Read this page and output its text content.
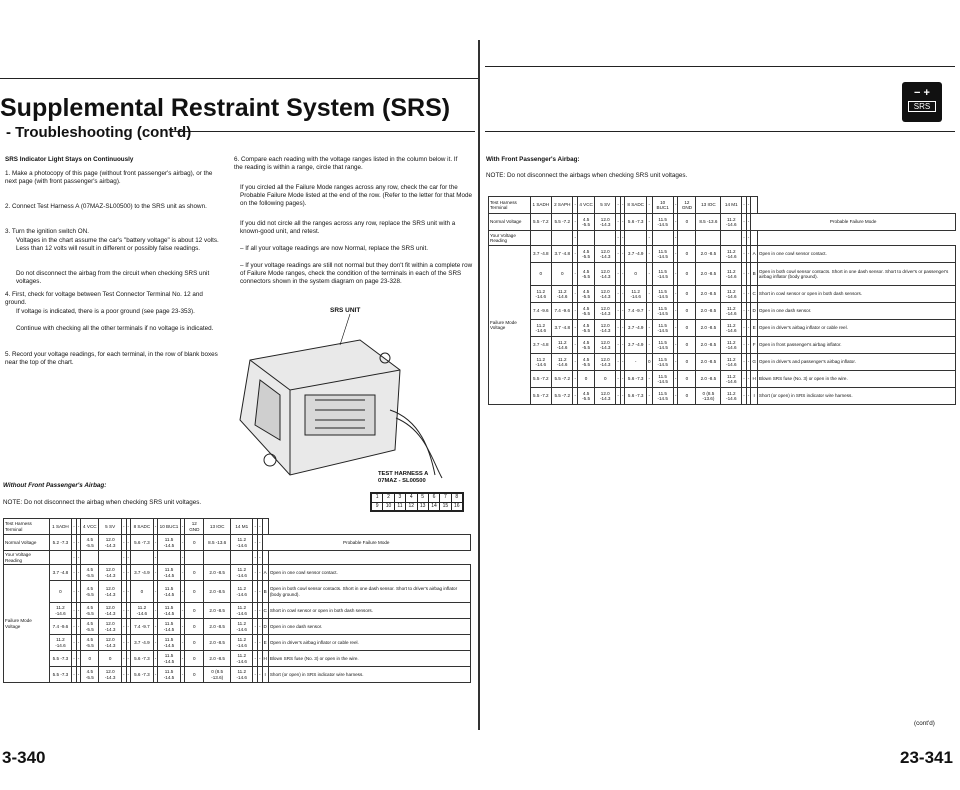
Supplemental Restraint System (SRS)
- Troubleshooting (cont'd)
SRS Indicator Light Stays on Continuously
1. Make a photocopy of this page (without front passenger's airbag), or the next page (with front passenger's airbag).
2. Connect Test Harness A (07MAZ-SL00500) to the SRS unit as shown.
3. Turn the ignition switch ON.
Voltages in the chart assume the car's "battery voltage" is about 12 volts. Less than 12 volts will result in different or possibly false readings.
Do not disconnect the airbag from the circuit when checking SRS unit voltages.
4. First, check for voltage between Test Connector Terminal No. 12 and ground.
If voltage is indicated, there is a poor ground (see page 23-353).
Continue with checking all the other terminals if no voltage is indicated.
5. Record your voltage readings, for each terminal, in the row of blank boxes near the top of the chart.
6. Compare each reading with the voltage ranges listed in the column below it. If the reading is within a range, circle that range.
If you circled all the Failure Mode ranges across any row, check the car for the Probable Failure Mode listed at the end of the row. (Refer to the letter for that Mode on the following pages).
If you did not circle all the ranges across any row, replace the SRS unit with a known-good unit, and retest.
– If all your voltage readings are now Normal, replace the SRS unit.
– If your voltage readings are still not normal but they don't fit within a complete row of Failure Mode ranges, check the condition of the terminals in each of the SRS connectors shown in the system diagram on page 23-328.
SRS UNIT
TEST HARNESS A
07MAZ - SL00500
1	2	3	4	5	6	7	8
9	10	11	12	13	14	15	16
Without Front Passenger's Airbag:
NOTE: Do not disconnect the airbag when checking SRS unit voltages.
Test Harness Terminal	1 SADH	-	-	4 VCC	5 SV	-	-	8 SADC	-	10 BUC1	-	12 GND	13 IOC	14 M1	-	-		
Normal Voltage	5.2 -7.3	-	-	4.5 -5.5	12.0 -14.3	-	-	5.6 -7.3	-	11.5 -14.5	-	0	8.5 -13.6	11.2 -14.6	-	-	Probable Failure Mode	
Your Voltage Reading		-	-			-	-		-		-				-	-		
Failure Mode Voltage	3.7 -4.8	-	-	4.5 -5.5	12.0 -14.3	-	-	3.7 -4.9	-	11.5 -14.5	-	0	2.0 -8.5	11.2 -14.6	-	-	A	Open in one cowl sensor contact.
	0	-	-	4.5 -5.5	12.0 -14.3	-	-	0	-	11.5 -14.5	-	0	2.0 -8.5	11.2 -14.6	-	-	B	Open in both cowl sensor contacts. Short in one dash sensor. Short to driver's airbag inflator (body ground).
	11.2 -14.6	-	-	4.5 -5.5	12.0 -14.3	-	-	11.2 -14.6	-	11.5 -14.5	-	0	2.0 -8.5	11.2 -14.6	-	-	C	Short in cowl sensor or open in both dash sensors.
	7.4 -9.6	-	-	4.5 -5.5	12.0 -14.3	-	-	7.4 -9.7	-	11.5 -14.5	-	0	2.0 -8.5	11.2 -14.6	-	-	D	Open in one dash sensor.
	11.2 -14.6	-	-	4.5 -5.5	12.0 -14.3	-	-	3.7 -4.9	-	11.5 -14.5	-	0	2.0 -8.5	11.2 -14.6	-	-	E	Open in driver's airbag inflator or cable reel.
	5.5 -7.3	-	-	0	0	-	-	5.6 -7.3	-	11.5 -14.5	-	0	2.0 -8.5	11.2 -14.6	-	-	H	Blown SRS fuse (No. 3) or open in the wire.
	5.5 -7.3	-	-	4.5 -5.5	12.0 -14.3	-	-	5.6 -7.3	-	11.5 -14.5	-	0	0 (8.5 -13.6)	11.2 -14.6	-	-	I	Short (or open) in SRS indicator wire harness.
− +
SRS
With Front Passenger's Airbag:
NOTE: Do not disconnect the airbags when checking SRS unit voltages.
Test Harness Terminal	1 SADH	2 SAPH	-	4 VCC	5 SV	-	-	8 SADC	-	10 BUC1	-	12 GND	13 IOC	14 M1	-	-		
Normal Voltage	5.5 -7.2	5.5 -7.2	-	4.5 -5.5	12.0 -14.3	-	-	5.6 -7.3	-	11.5 -14.5	-	0	8.5 -13.6	11.2 -14.6	-	-	Probable Failure Mode	
Your Voltage Reading			-			-	-		-		-				-	-		
Failure Mode Voltage	3.7 -4.8	3.7 -4.8	-	4.5 -5.5	12.0 -14.3	-	-	3.7 -4.9	-	11.5 -14.5	-	0	2.0 -8.5	11.2 -14.6	-	-	A	Open in one cowl sensor contact.
	0	0	-	4.5 -5.5	12.0 -14.3	-	-	0	-	11.5 -14.5	-	0	2.0 -8.5	11.2 -14.6	-	-	B	Open in both cowl sensor contacts. Short in one dash sensor. Short to driver's or passenger's airbag inflator (body ground).
	11.2 -14.6	11.2 -14.6	-	4.5 -5.5	12.0 -14.3	-	-	11.2 -14.6	-	11.5 -14.5	-	0	2.0 -8.5	11.2 -14.6	-	-	C	Short in cowl sensor or open in both dash sensors.
	7.4 -9.6	7.4 -9.6	-	4.5 -5.5	12.0 -14.3	-	-	7.4 -9.7	-	11.5 -14.5	-	0	2.0 -8.5	11.2 -14.6	-	-	D	Open in one dash sensor.
	11.2 -14.6	3.7 -4.8	-	4.5 -5.5	12.0 -14.3	-	-	3.7 -4.9	-	11.5 -14.5	-	0	2.0 -8.5	11.2 -14.6	-	-	E	Open in driver's airbag inflator or cable reel.
	3.7 -4.8	11.2 -14.6	-	4.5 -5.5	12.0 -14.3	-	-	3.7 -4.9	-	11.5 -14.5	-	0	2.0 -8.5	11.2 -14.6	-	-	F	Open in front passenger's airbag inflator.
	11.2 -14.6	11.2 -14.6	-	4.5 -5.5	12.0 -14.3	-	-	-	0	11.5 -14.5	-	0	2.0 -8.5	11.2 -14.6	-	-	G	Open in driver's and passenger's airbag inflator.
	5.5 -7.2	5.5 -7.2	-	0	0	-	-	5.6 -7.3	-	11.5 -14.5	-	0	2.0 -8.5	11.2 -14.6	-	-	H	Blown SRS fuse (No. 3) or open in the wire.
	5.5 -7.2	5.5 -7.2	-	4.5 -5.5	12.0 -14.3	-	-	5.6 -7.3	-	11.5 -14.5	-	0	0 (8.5 -13.6)	11.2 -14.6	-	-	I	Short (or open) in SRS indicator wire harness.
(cont'd)
3-340	23-341
